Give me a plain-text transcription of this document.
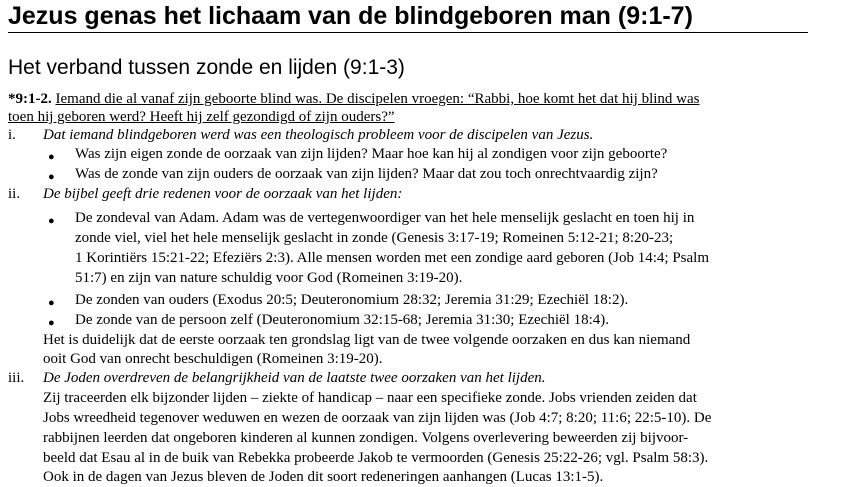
Jezus genas het lichaam van de blindgeboren man (9:1-7)
Het verband tussen zonde en lijden (9:1-3)
*9:1-2. Iemand die al vanaf zijn geboorte blind was. De discipelen vroegen: “Rabbi, hoe komt het dat hij blind was
toen hij geboren werd? Heeft hij zelf gezondigd of zijn ouders?”
i. Dat iemand blindgeboren werd was een theologisch probleem voor de discipelen van Jezus.
● Was zijn eigen zonde de oorzaak van zijn lijden? Maar hoe kan hij al zondigen voor zijn geboorte?
● Was de zonde van zijn ouders de oorzaak van zijn lijden? Maar dat zou toch onrechtvaardig zijn?
ii. De bijbel geeft drie redenen voor de oorzaak van het lijden:
● De zondeval van Adam. Adam was de vertegenwoordiger van het hele menselijk geslacht en toen hij in
zonde viel, viel het hele menselijk geslacht in zonde (Genesis 3:17-19; Romeinen 5:12-21; 8:20-23;
1 Korintiërs 15:21-22; Efeziërs 2:3). Alle mensen worden met een zondige aard geboren (Job 14:4; Psalm
51:7) en zijn van nature schuldig voor God (Romeinen 3:19-20).
● De zonden van ouders (Exodus 20:5; Deuteronomium 28:32; Jeremia 31:29; Ezechiël 18:2).
● De zonde van de persoon zelf (Deuteronomium 32:15-68; Jeremia 31:30; Ezechiël 18:4).
Het is duidelijk dat de eerste oorzaak ten grondslag ligt van de twee volgende oorzaken en dus kan niemand
ooit God van onrecht beschuldigen (Romeinen 3:19-20).
iii. De Joden overdreven de belangrijkheid van de laatste twee oorzaken van het lijden.
Zij traceerden elk bijzonder lijden – ziekte of handicap – naar een specifieke zonde. Jobs vrienden zeiden dat
Jobs wreedheid tegenover weduwen en wezen de oorzaak van zijn lijden was (Job 4:7; 8:20; 11:6; 22:5-10). De
rabbijnen leerden dat ongeboren kinderen al kunnen zondigen. Volgens overlevering beweerden zij bijvoor-
beeld dat Esau al in de buik van Rebekka probeerde Jakob te vermoorden (Genesis 25:22-26; vgl. Psalm 58:3).
Ook in de dagen van Jezus bleven de Joden dit soort redeneringen aanhangen (Lucas 13:1-5).
